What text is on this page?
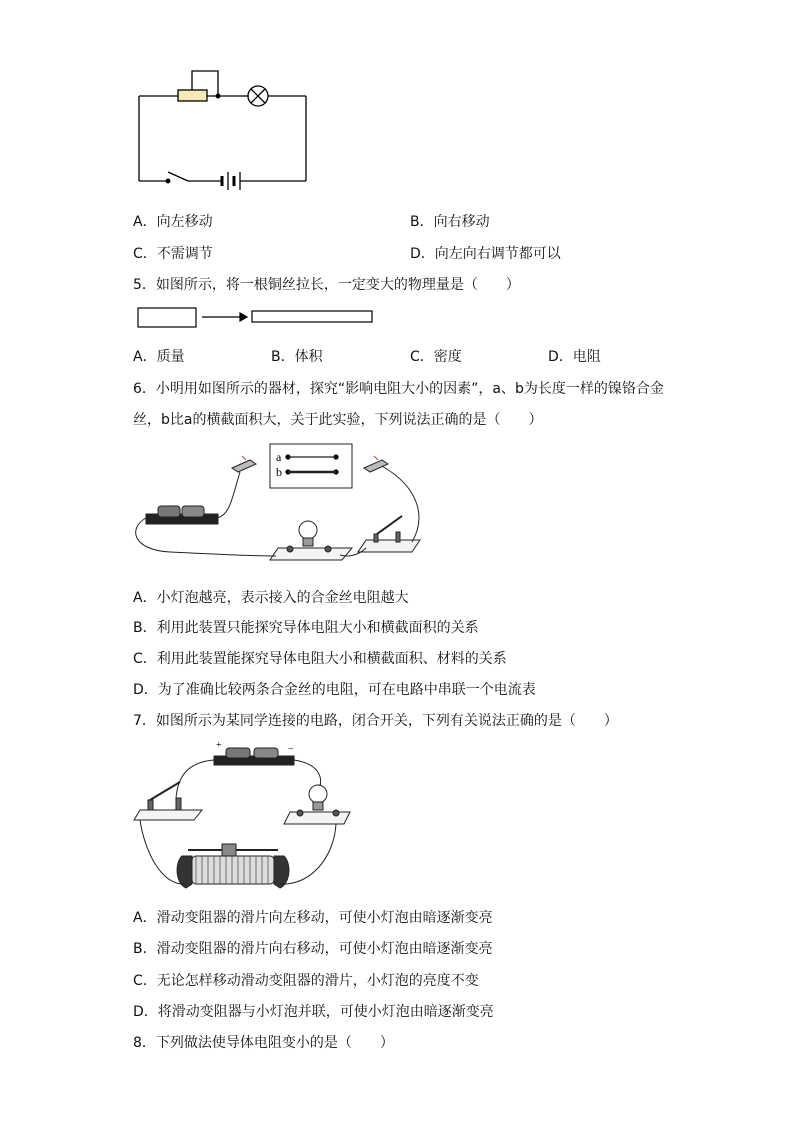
A．向左移动	B．向右移动
C．不需调节	D．向左向右调节都可以
5．如图所示，将一根铜丝拉长，一定变大的物理量是（　　）
A．质量	B．体积	C．密度	D．电阻
6．小明用如图所示的器材，探究“影响电阻大小的因素”，a、b为长度一样的镍铬合金
丝，b比a的横截面积大，关于此实验，下列说法正确的是（　　）
a
b
A．小灯泡越亮，表示接入的合金丝电阻越大
B．利用此装置只能探究导体电阻大小和横截面积的关系
C．利用此装置能探究导体电阻大小和横截面积、材料的关系
D．为了准确比较两条合金丝的电阻，可在电路中串联一个电流表
7．如图所示为某同学连接的电路，闭合开关，下列有关说法正确的是（　　）
+	−
A．滑动变阻器的滑片向左移动，可使小灯泡由暗逐渐变亮
B．滑动变阻器的滑片向右移动，可使小灯泡由暗逐渐变亮
C．无论怎样移动滑动变阻器的滑片，小灯泡的亮度不变
D．将滑动变阻器与小灯泡并联，可使小灯泡由暗逐渐变亮
8．下列做法使导体电阻变小的是（　　）
